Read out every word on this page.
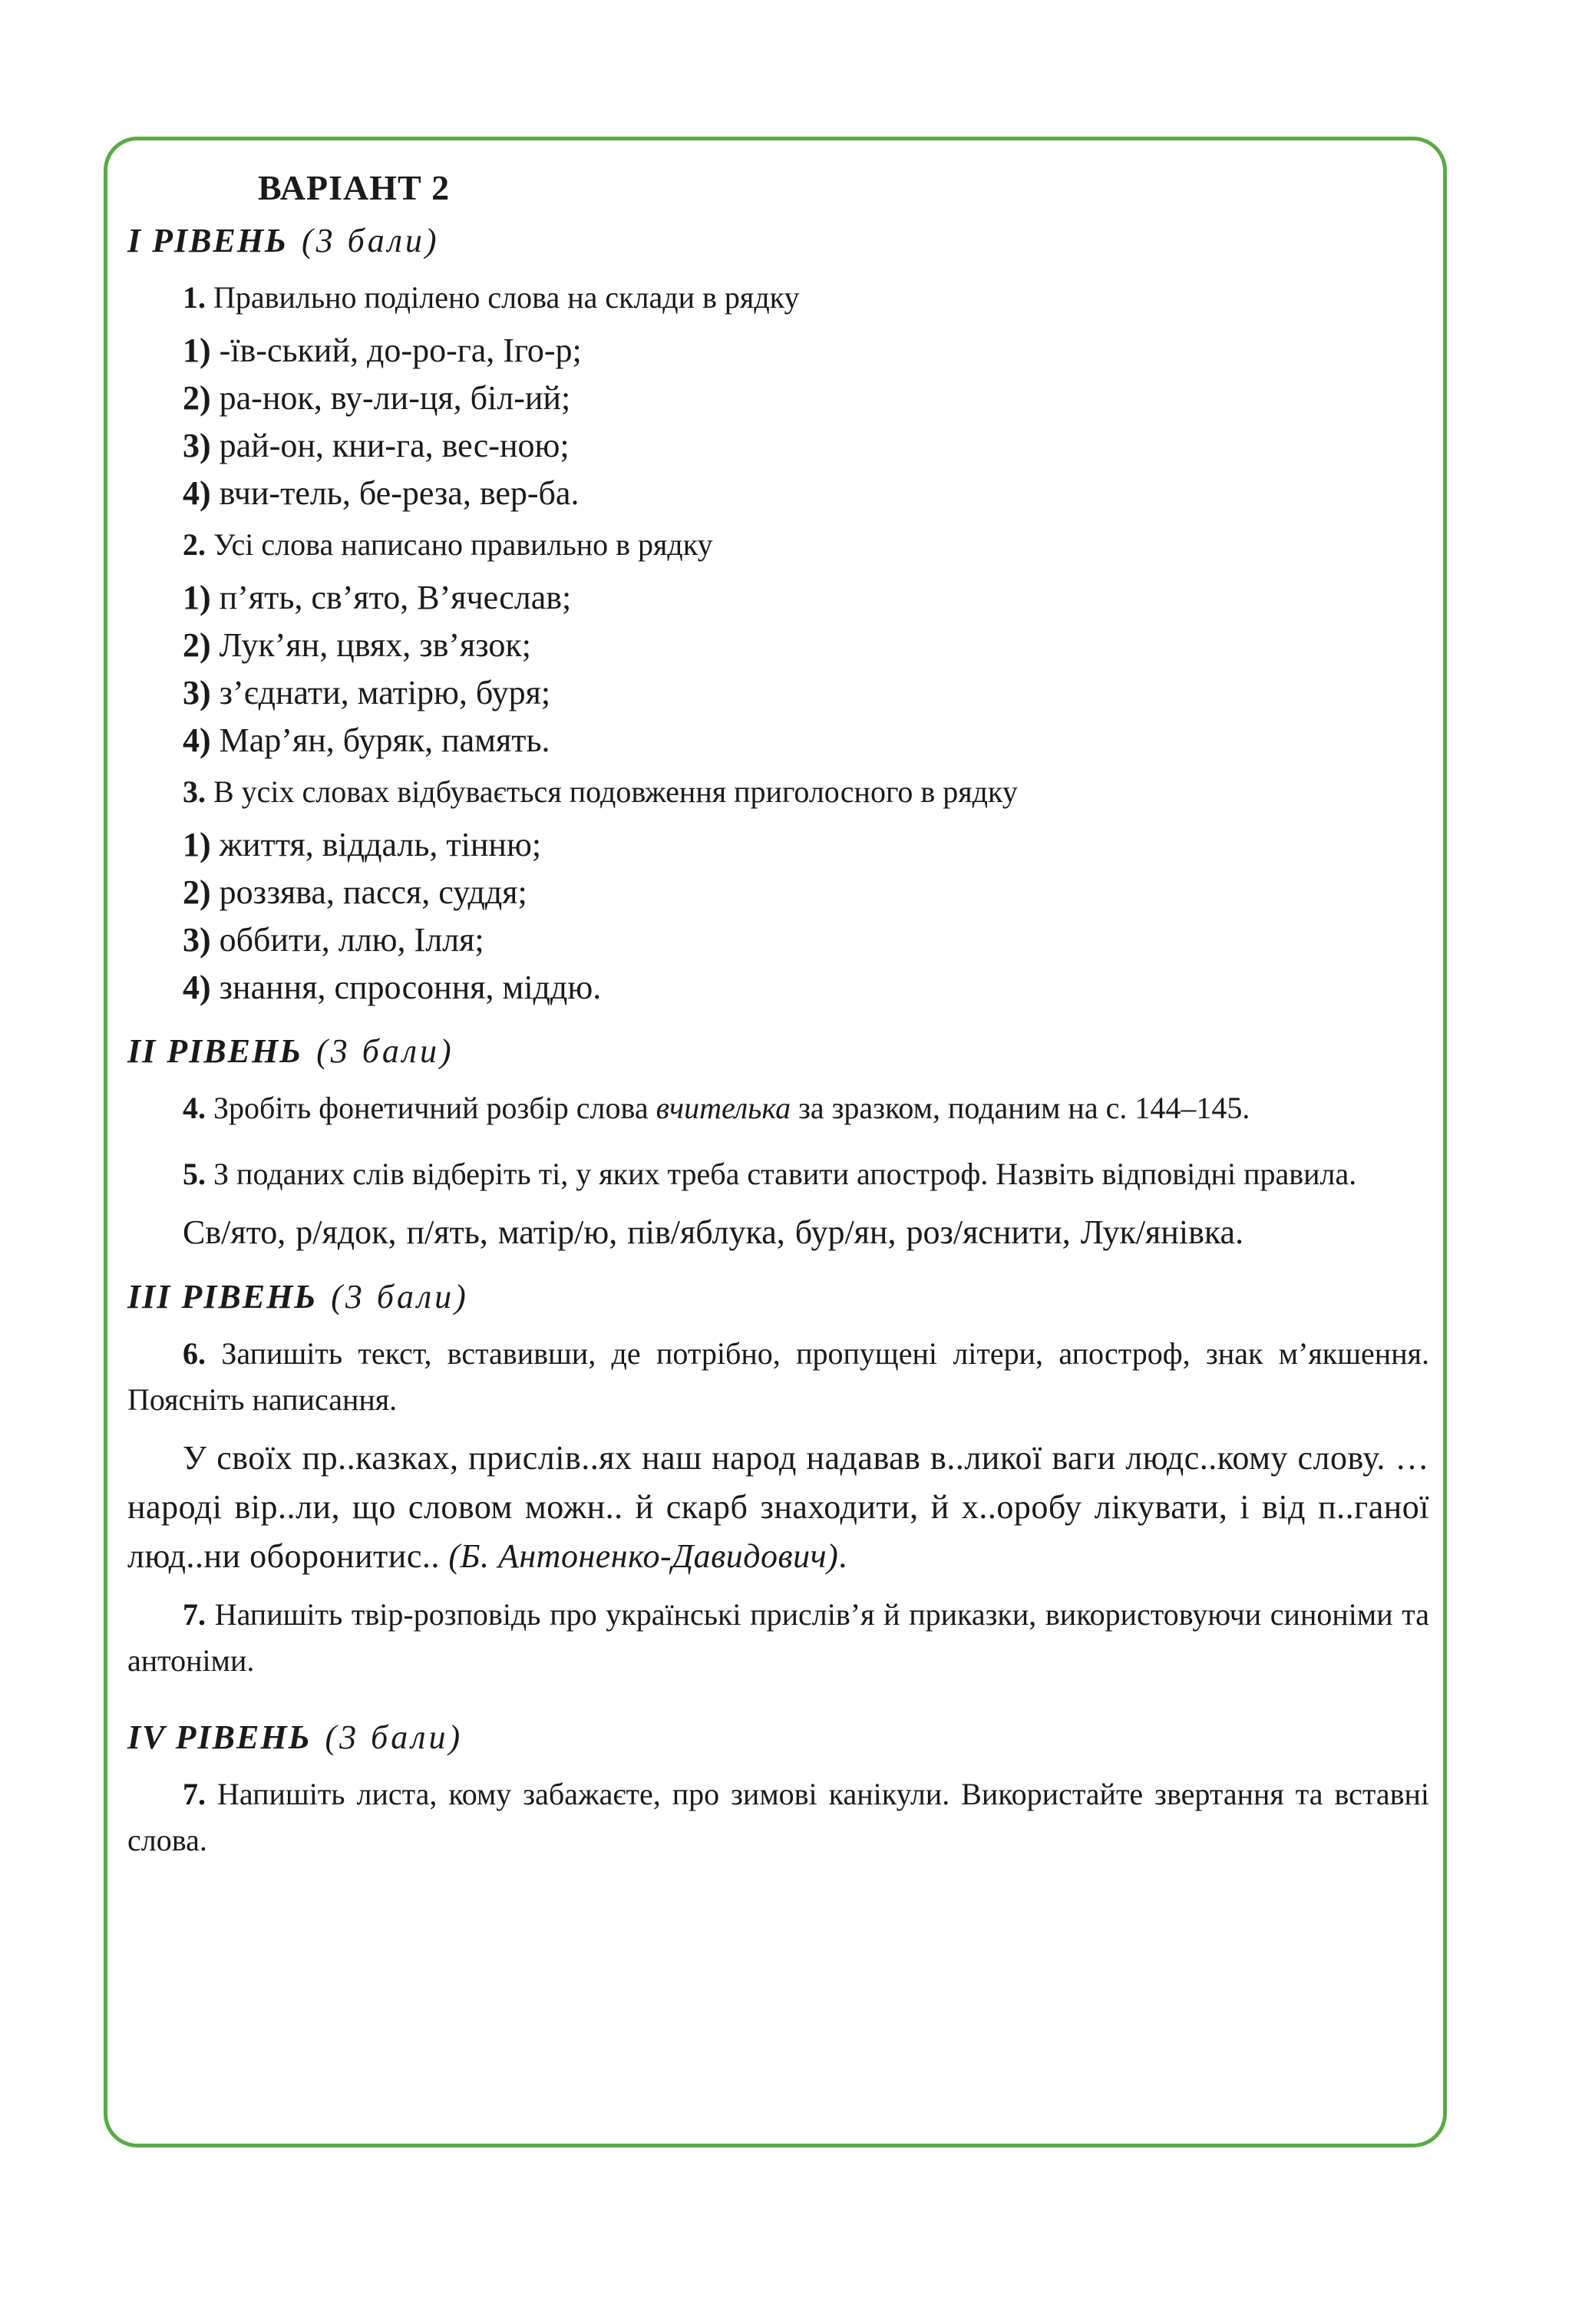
ВАРІАНТ 2
І РІВЕНЬ (3 бали)

1. Правильно поділено слова на склади в рядку

1) -їв-ський, до-ро-га, Іго-р;
2) ра-нок, ву-ли-ця, біл-ий;
3) рай-он, кни-га, вес-ною;
4) вчи-тель, бе-реза, вер-ба.

2. Усі слова написано правильно в рядку

1) п’ять, св’ято, В’ячеслав;
2) Лук’ян, цвях, зв’язок;
3) з’єднати, матірю, буря;
4) Мар’ян, буряк, память.

3. В усіх словах відбувається подовження приголосного в рядку

1) життя, віддаль, тінню;
2) роззява, пасся, суддя;
3) оббити, ллю, Ілля;
4) знання, спросоння, міддю.
ІІ РІВЕНЬ (3 бали)

4. Зробіть фонетичний розбір слова вчителька за зразком, поданим на с. 144–145.

5. З поданих слів відберіть ті, у яких треба ставити апостроф. Назвіть відповідні правила.

Св/ято, р/ядок, п/ять, матір/ю, пів/яблука, бур/ян, роз/яснити, Лук/янівка.

ІІІ РІВЕНЬ (3 бали)

6. Запишіть текст, вставивши, де потрібно, пропущені літери, апостроф, знак м’якшення. Поясніть написання.

У своїх пр..казках, прислів..ях наш народ надавав в..ликої ваги людс..кому слову. … народі вір..ли, що словом можн.. й скарб знаходити, й х..оробу лікувати, і від п..ганої люд..ни оборонитис.. (Б. Антоненко-Давидович).

7. Напишіть твір-розповідь про українські прислів’я й приказки, використовуючи синоніми та антоніми.

IV РІВЕНЬ (3 бали)

7. Напишіть листа, кому забажаєте, про зимові канікули. Використайте звертання та вставні слова.
